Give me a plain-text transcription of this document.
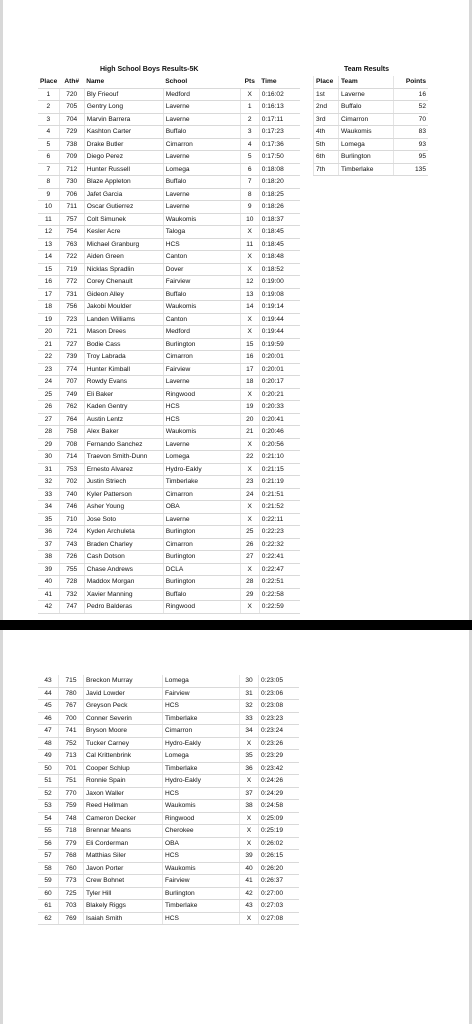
High School Boys Results-5K	Team Results
Place	Ath#	Name	School	Pts	Time
1	720	Bly Frieouf	Medford	X	0:16:02
2	705	Gentry Long	Laverne	1	0:16:13
3	704	Marvin Barrera	Laverne	2	0:17:11
4	729	Kashton Carter	Buffalo	3	0:17:23
5	738	Drake Butler	Cimarron	4	0:17:36
6	709	Diego Perez	Laverne	5	0:17:50
7	712	Hunter Russell	Lomega	6	0:18:08
8	730	Blaze Appleton	Buffalo	7	0:18:20
9	706	Jafet Garcia	Laverne	8	0:18:25
10	711	Oscar Gutierrez	Laverne	9	0:18:26
11	757	Colt Simunek	Waukomis	10	0:18:37
12	754	Kesler Acre	Taloga	X	0:18:45
13	763	Michael Granburg	HCS	11	0:18:45
14	722	Aiden Green	Canton	X	0:18:48
15	719	Nicklas Spradlin	Dover	X	0:18:52
16	772	Corey Chenault	Fairview	12	0:19:00
17	731	Gideon Alley	Buffalo	13	0:19:08
18	756	Jakobi Moulder	Waukomis	14	0:19:14
19	723	Landen Williams	Canton	X	0:19:44
20	721	Mason Drees	Medford	X	0:19:44
21	727	Bodie Cass	Burlington	15	0:19:59
22	739	Troy Labrada	Cimarron	16	0:20:01
23	774	Hunter Kimball	Fairview	17	0:20:01
24	707	Rowdy Evans	Laverne	18	0:20:17
25	749	Eli Baker	Ringwood	X	0:20:21
26	762	Kaden Gentry	HCS	19	0:20:33
27	764	Austin Lentz	HCS	20	0:20:41
28	758	Alex Baker	Waukomis	21	0:20:46
29	708	Fernando Sanchez	Laverne	X	0:20:56
30	714	Traevon Smith-Dunn	Lomega	22	0:21:10
31	753	Ernesto Alvarez	Hydro-Eakly	X	0:21:15
32	702	Justin Striech	Timberlake	23	0:21:19
33	740	Kyler Patterson	Cimarron	24	0:21:51
34	746	Asher Young	OBA	X	0:21:52
35	710	Jose Soto	Laverne	X	0:22:11
36	724	Kyden Archuleta	Burlington	25	0:22:23
37	743	Braden Charley	Cimarron	26	0:22:32
38	726	Cash Dotson	Burlington	27	0:22:41
39	755	Chase Andrews	DCLA	X	0:22:47
40	728	Maddox Morgan	Burlington	28	0:22:51
41	732	Xavier Manning	Buffalo	29	0:22:58
42	747	Pedro Balderas	Ringwood	X	0:22:59
Place	Team	Points
1st	Laverne	16
2nd	Buffalo	52
3rd	Cimarron	70
4th	Waukomis	83
5th	Lomega	93
6th	Burlington	95
7th	Timberlake	135
43	715	Breckon Murray	Lomega	30	0:23:05
44	780	Javid Lowder	Fairview	31	0:23:06
45	767	Greyson Peck	HCS	32	0:23:08
46	700	Conner Severin	Timberlake	33	0:23:23
47	741	Bryson Moore	Cimarron	34	0:23:24
48	752	Tucker Carney	Hydro-Eakly	X	0:23:26
49	713	Cal Krittenbrink	Lomega	35	0:23:29
50	701	Cooper Schlup	Timberlake	36	0:23:42
51	751	Ronnie Spain	Hydro-Eakly	X	0:24:26
52	770	Jaxon Waller	HCS	37	0:24:29
53	759	Reed Hellman	Waukomis	38	0:24:58
54	748	Cameron Decker	Ringwood	X	0:25:09
55	718	Brennar Means	Cherokee	X	0:25:19
56	779	Eli Corderman	OBA	X	0:26:02
57	768	Matthias Siler	HCS	39	0:26:15
58	760	Javon Porter	Waukomis	40	0:26:20
59	773	Crew Bohnet	Fairview	41	0:26:37
60	725	Tyler Hill	Burlington	42	0:27:00
61	703	Blakely Riggs	Timberlake	43	0:27:03
62	769	Isaiah Smith	HCS	X	0:27:08
